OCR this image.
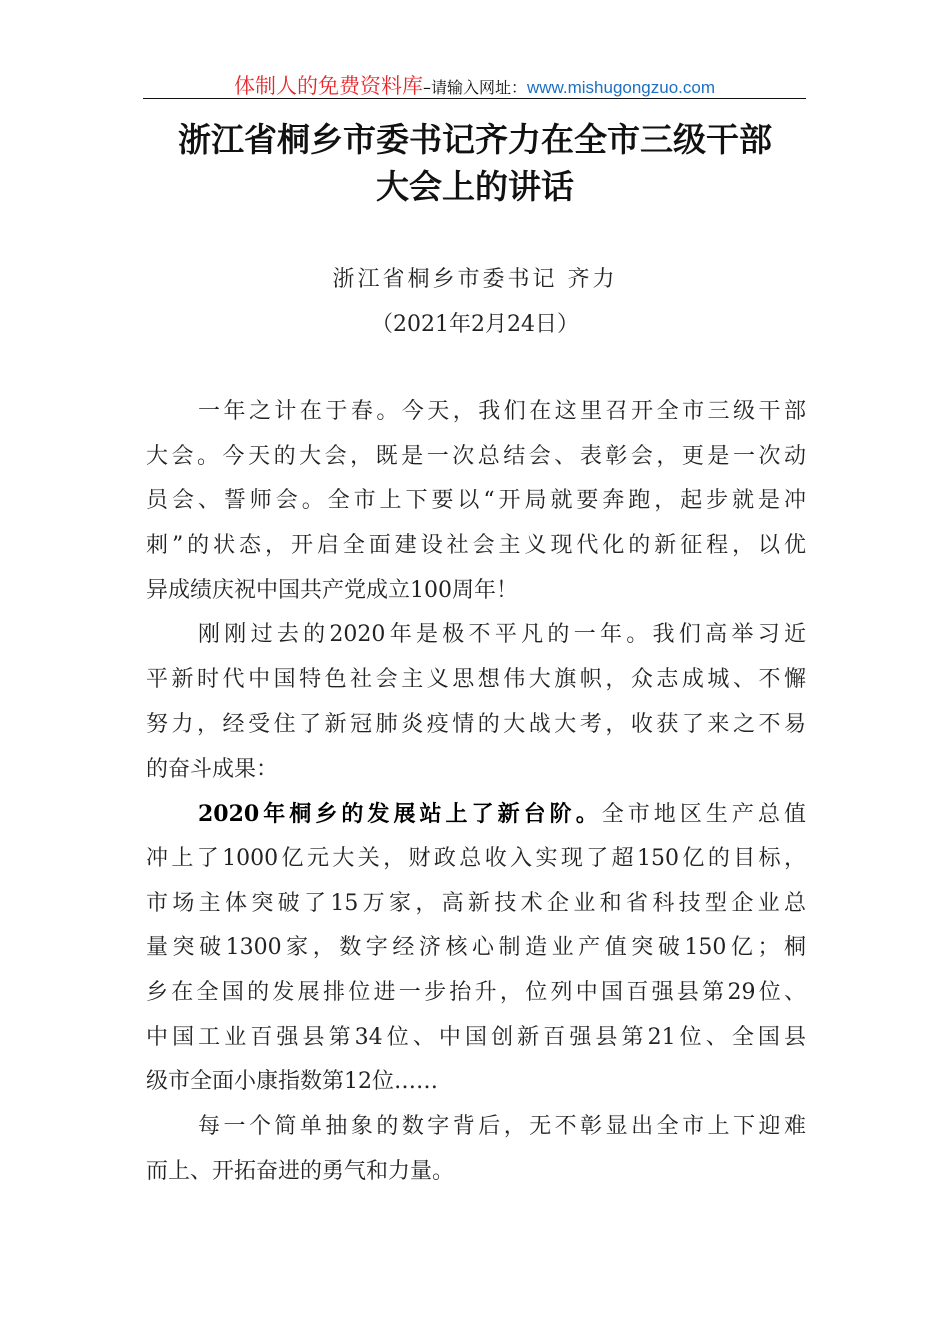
体制人的免费资料库–请输入网址：www.mishugongzuo.com
浙江省桐乡市委书记齐力在全市三级干部
大会上的讲话
浙江省桐乡市委书记 齐力
（2021年2月24日）
一年之计在于春。今天，我们在这里召开全市三级干部
大会。今天的大会，既是一次总结会、表彰会，更是一次动
员会、誓师会。全市上下要以“开局就要奔跑，起步就是冲
刺”的状态，开启全面建设社会主义现代化的新征程，以优
异成绩庆祝中国共产党成立100周年！
刚刚过去的2020年是极不平凡的一年。我们高举习近
平新时代中国特色社会主义思想伟大旗帜，众志成城、不懈
努力，经受住了新冠肺炎疫情的大战大考，收获了来之不易
的奋斗成果：
2020年桐乡的发展站上了新台阶。全市地区生产总值
冲上了1000亿元大关，财政总收入实现了超150亿的目标，
市场主体突破了15万家，高新技术企业和省科技型企业总
量突破1300家，数字经济核心制造业产值突破150亿；桐
乡在全国的发展排位进一步抬升，位列中国百强县第29位、
中国工业百强县第34位、中国创新百强县第21位、全国县
级市全面小康指数第12位……
每一个简单抽象的数字背后，无不彰显出全市上下迎难
而上、开拓奋进的勇气和力量。
